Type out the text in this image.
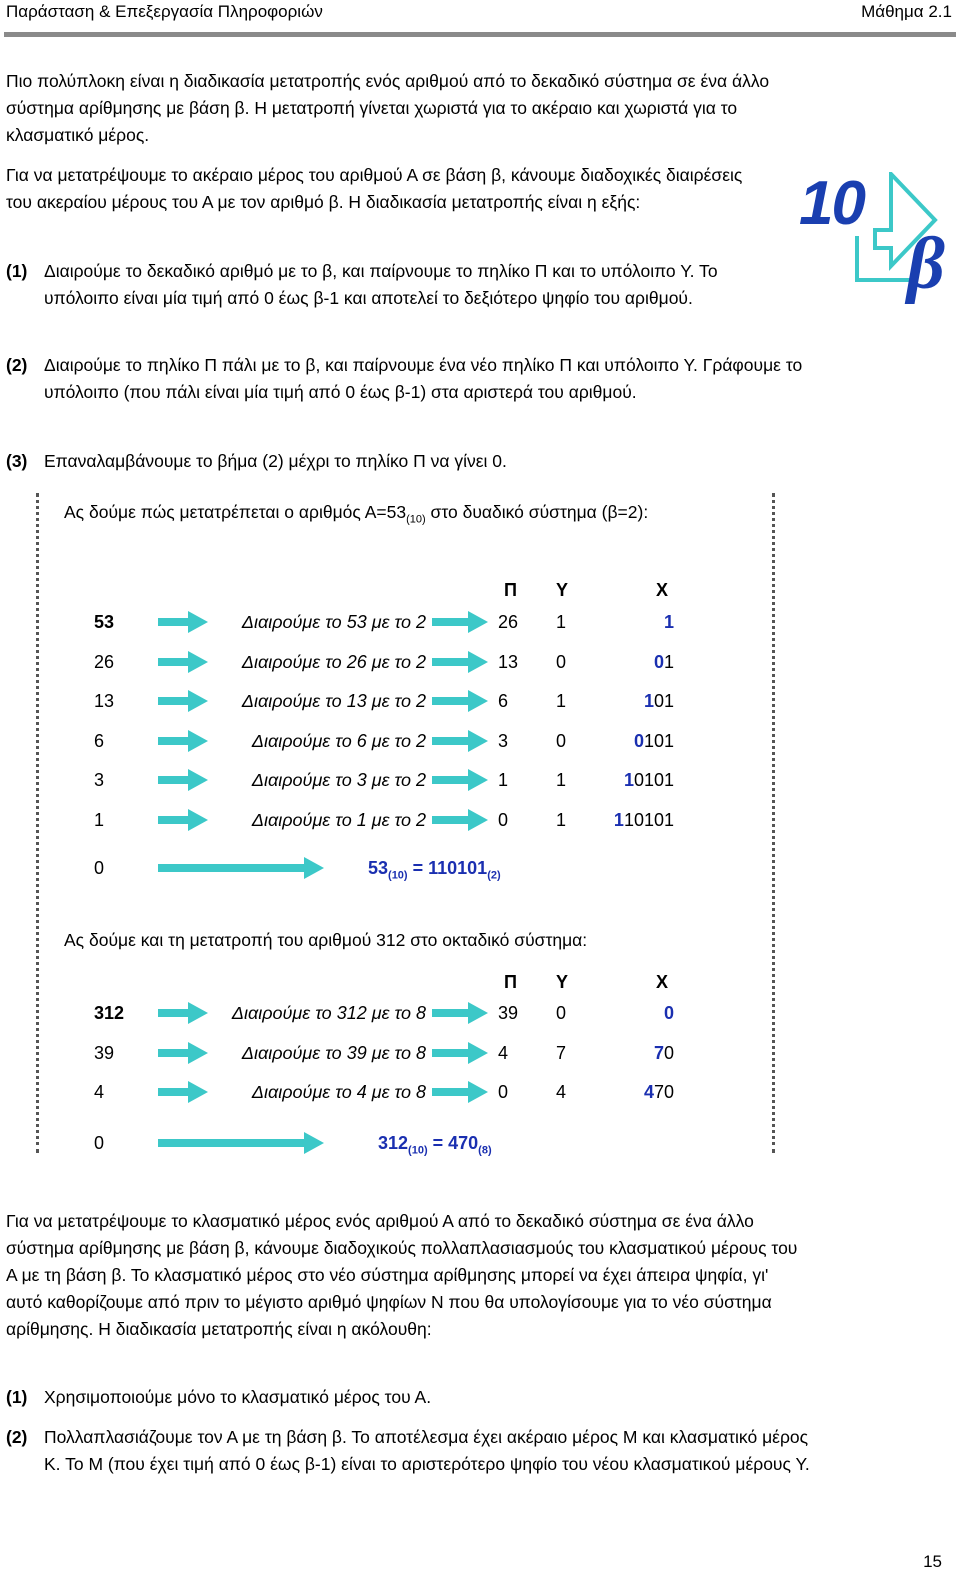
Παράσταση & Επεξεργασία Πληροφοριών	Μάθημα 2.1
Πιο πολύπλοκη είναι η διαδικασία μετατροπής ενός αριθμού από το δεκαδικό σύστημα σε ένα άλλο σύστημα αρίθμησης με βάση β. Η μετατροπή γίνεται χωριστά για το ακέραιο και χωριστά για το κλασματικό μέρος.
Για να μετατρέψουμε το ακέραιο μέρος του αριθμού Α σε βάση β, κάνουμε διαδοχικές διαιρέσεις του ακεραίου μέρους του Α με τον αριθμό β. Η διαδικασία μετατροπής είναι η εξής:	10
β
(1) Διαιρούμε το δεκαδικό αριθμό με το β, και παίρνουμε το πηλίκο Π και το υπόλοιπο Υ. Το υπόλοιπο είναι μία τιμή από 0 έως β-1 και αποτελεί το δεξιότερο ψηφίο του αριθμού.
(2) Διαιρούμε το πηλίκο Π πάλι με το β, και παίρνουμε ένα νέο πηλίκο Π και υπόλοιπο Υ. Γράφουμε το υπόλοιπο (που πάλι είναι μία τιμή από 0 έως β-1) στα αριστερά του αριθμού.
(3) Επαναλαμβάνουμε το βήμα (2) μέχρι το πηλίκο Π να γίνει 0.
Ας δούμε πώς μετατρέπεται ο αριθμός $A=53_{(10)}$ στο δυαδικό σύστημα (β=2):
Π Υ	Χ
53	Διαιρούμε το 53 με το 2	26	1	1
26	Διαιρούμε το 26 με το 2	13	0	01
13	Διαιρούμε το 13 με το 2	6	1	101
6	Διαιρούμε το 6 με το 2	3	0	0101
3	Διαιρούμε το 3 με το 2	1	1	10101
1	Διαιρούμε το 1 με το 2	0	1	110101
0	$53_{(10)} = 110101_{(2)}$
Ας δούμε και τη μετατροπή του αριθμού 312 στο οκταδικό σύστημα:
Π Υ	Χ
312	Διαιρούμε το 312 με το 8	39	0	0
39	Διαιρούμε το 39 με το 8	4	7	70
4	Διαιρούμε το 4 με το 8	0	4	470
0	$312_{(10)} = 470_{(8)}$
Για να μετατρέψουμε το κλασματικό μέρος ενός αριθμού Α από το δεκαδικό σύστημα σε ένα άλλο σύστημα αρίθμησης με βάση β, κάνουμε διαδοχικούς πολλαπλασιασμούς του κλασματικού μέρους του Α με τη βάση β. Το κλασματικό μέρος στο νέο σύστημα αρίθμησης μπορεί να έχει άπειρα ψηφία, γι' αυτό καθορίζουμε από πριν το μέγιστο αριθμό ψηφίων Ν που θα υπολογίσουμε για το νέο σύστημα αρίθμησης. Η διαδικασία μετατροπής είναι η ακόλουθη:
(1) Χρησιμοποιούμε μόνο το κλασματικό μέρος του Α.
(2) Πολλαπλασιάζουμε τον Α με τη βάση β. Το αποτέλεσμα έχει ακέραιο μέρος Μ και κλασματικό μέρος Κ. Το Μ (που έχει τιμή από 0 έως β-1) είναι το αριστερότερο ψηφίο του νέου κλασματικού μέρους Υ.
15
